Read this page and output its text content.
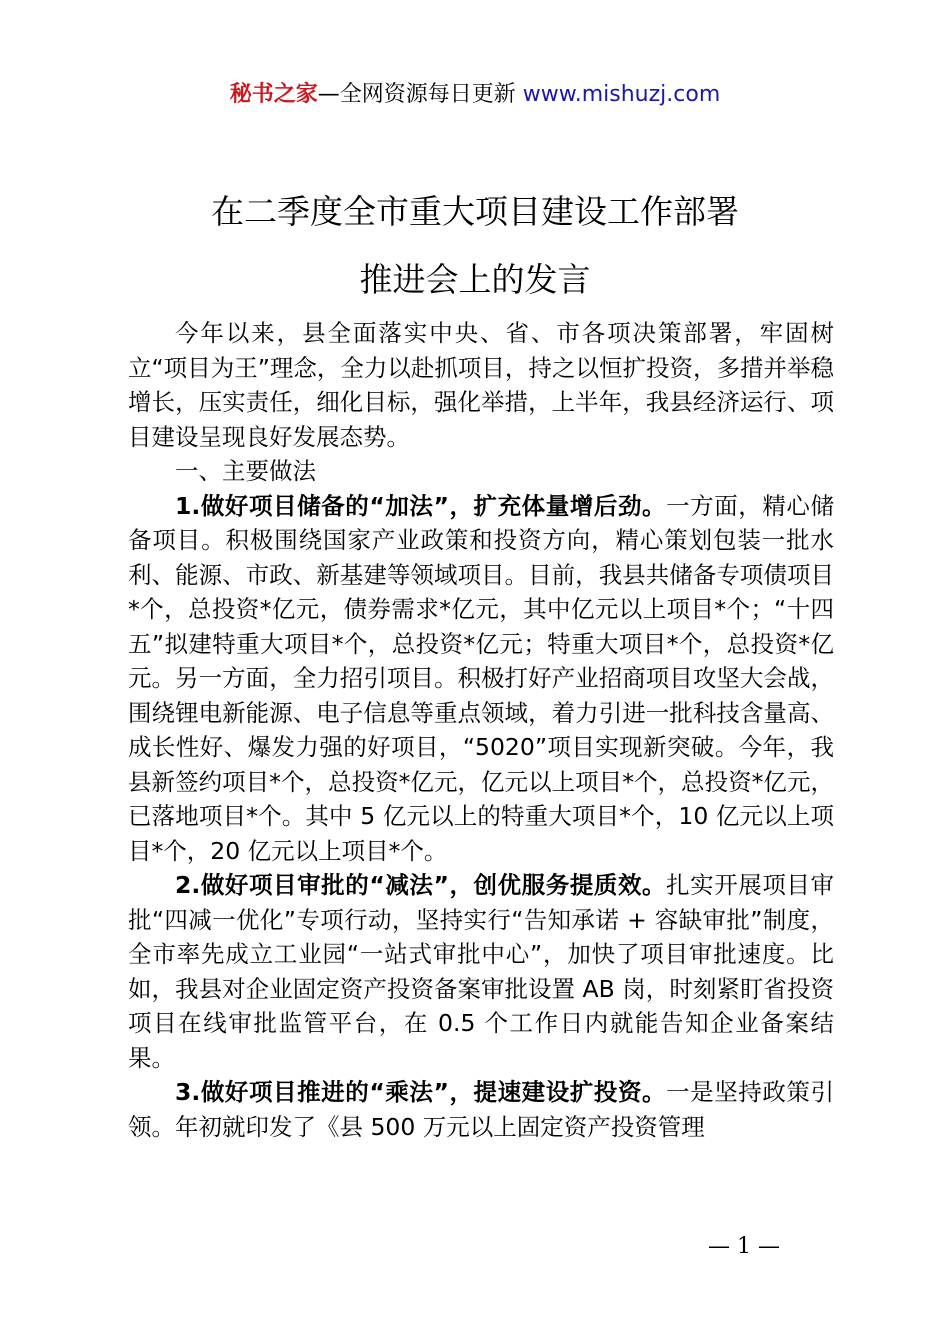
秘书之家—全网资源每日更新 www.mishuzj.com
在二季度全市重大项目建设工作部署
推进会上的发言

今年以来，县全面落实中央、省、市各项决策部署，牢固树立“项目为王”理念，全力以赴抓项目，持之以恒扩投资，多措并举稳增长，压实责任，细化目标，强化举措，上半年，我县经济运行、项目建设呈现良好发展态势。

一、主要做法

1.做好项目储备的“加法”，扩充体量增后劲。一方面，精心储备项目。积极围绕国家产业政策和投资方向，精心策划包装一批水利、能源、市政、新基建等领域项目。目前，我县共储备专项债项目*个，总投资*亿元，债券需求*亿元，其中亿元以上项目*个；“十四五”拟建特重大项目*个，总投资*亿元；特重大项目*个，总投资*亿元。另一方面，全力招引项目。积极打好产业招商项目攻坚大会战，围绕锂电新能源、电子信息等重点领域，着力引进一批科技含量高、成长性好、爆发力强的好项目，“5020”项目实现新突破。今年，我县新签约项目*个，总投资*亿元，亿元以上项目*个，总投资*亿元，已落地项目*个。其中 5 亿元以上的特重大项目*个，10 亿元以上项目*个，20 亿元以上项目*个。

2.做好项目审批的“减法”，创优服务提质效。扎实开展项目审批“四减一优化”专项行动，坚持实行“告知承诺 + 容缺审批”制度，全市率先成立工业园“一站式审批中心”，加快了项目审批速度。比如，我县对企业固定资产投资备案审批设置 AB 岗，时刻紧盯省投资项目在线审批监管平台，在 0.5 个工作日内就能告知企业备案结果。

3.做好项目推进的“乘法”，提速建设扩投资。一是坚持政策引领。年初就印发了《县 500 万元以上固定资产投资管理

— 1 —
